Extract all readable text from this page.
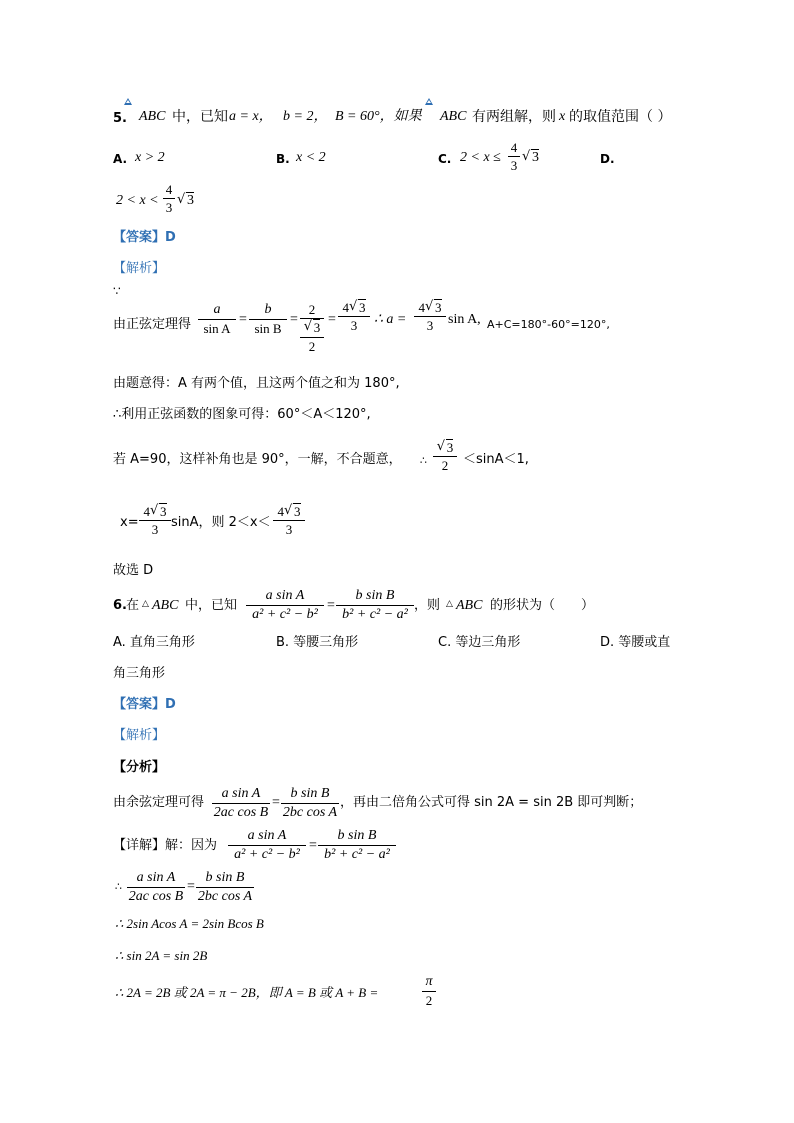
5. ABC 中，已知 a = x， b = 2， B = 60°，如果 ABC 有两组解，则 x 的取值范围（ ）
A. x > 2	B. x < 2	C. 2 < x ≤
4
3
√ 3	D.
2 < x <
4
3	√ 3
【答案】D
【解析】
∵
由正弦定理得
a
sin A
=
b
sin B
=
2
√ 3
2
=
4 √ 3
3	∴ a =
4 √ 3
3	sin A, A+C=180°-60°=120°,
由题意得：A 有两个值，且这两个值之和为 180°,
∴利用正弦函数的图象可得：60°＜A＜120°,
若 A=90，这样补角也是 90°，一解，不合题意， ∴
√ 3
2	＜sinA＜1,
x=
4 √ 3
3 sinA，则 2＜x＜
4 √ 3
3
故选 D
6. 在 △ ABC 中，已知
a sin A
a² + c² − b²
=
b sin B
b² + c² − a²
，则 △ ABC 的形状为（　　）
A. 直角三角形	B. 等腰三角形	C. 等边三角形	D. 等腰或直
角三角形
【答案】D
【解析】
【分析】
由余弦定理可得
a sin A
2ac cos B
=
b sin B
2bc cos A
，再由二倍角公式可得 sin 2A = sin 2B 即可判断；
【详解】解：因为
a sin A
a² + c² − b²
=
b sin B
b² + c² − a²
∴
a sin A
2ac cos B
=
b sin B
2bc cos A
∴ 2sin Acos A = 2sin Bcos B
∴ sin 2A = sin 2B
∴ 2A = 2B 或 2A = π − 2B，即 A = B 或 A + B =
π
2
